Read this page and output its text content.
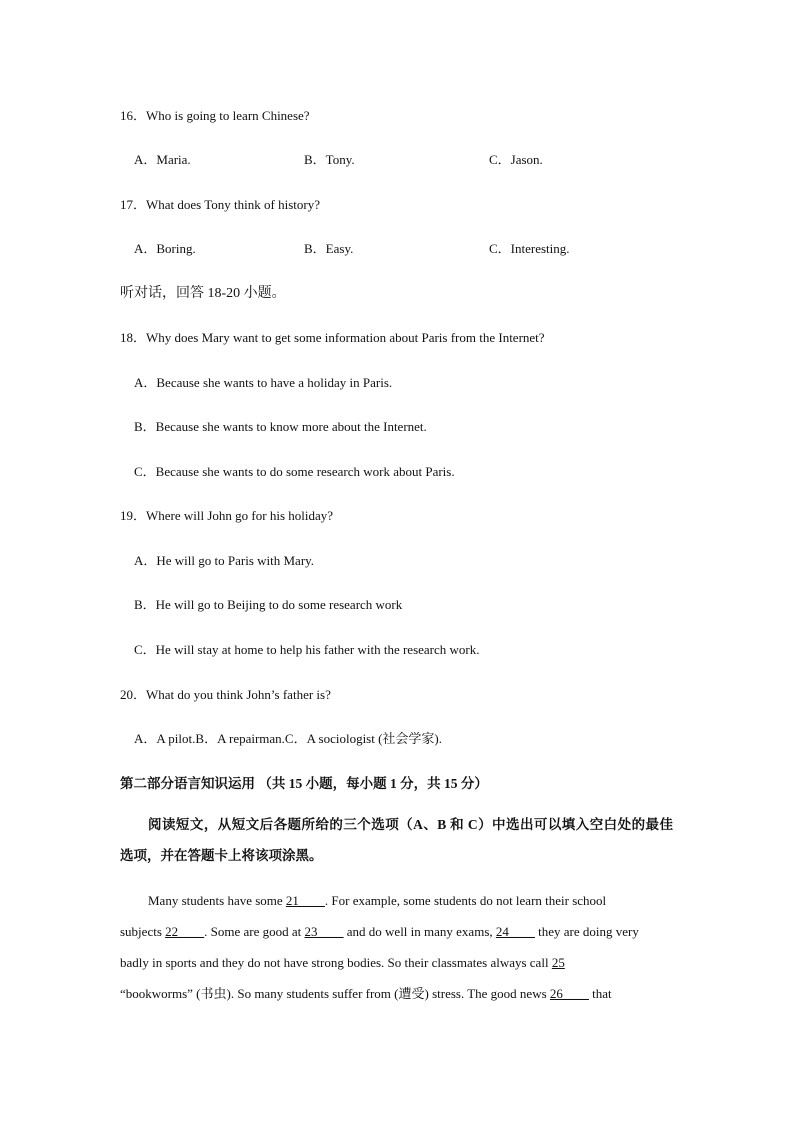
16．Who is going to learn Chinese?
A．Maria.	B．Tony.	C．Jason.
17．What does Tony think of history?
A．Boring.	B．Easy.	C．Interesting.
听对话，回答 18-20 小题。
18．Why does Mary want to get some information about Paris from the Internet?
A．Because she wants to have a holiday in Paris.
B．Because she wants to know more about the Internet.
C．Because she wants to do some research work about Paris.
19．Where will John go for his holiday?
A．He will go to Paris with Mary.
B．He will go to Beijing to do some research work
C．He will stay at home to help his father with the research work.
20．What do you think John’s father is?
A．A pilot.B．A repairman.C．A sociologist (社会学家).
第二部分语言知识运用 （共 15 小题，每小题 1 分，共 15 分）
阅读短文，从短文后各题所给的三个选项（A、B 和 C）中选出可以填入空白处的最佳
选项，并在答题卡上将该项涂黑。
Many students have some 21____. For example, some students do not learn their school
subjects 22____. Some are good at 23____ and do well in many exams, 24____ they are doing very
badly in sports and they do not have strong bodies. So their classmates always call 25
“bookworms” (书虫). So many students suffer from (遭受) stress. The good news 26____ that
